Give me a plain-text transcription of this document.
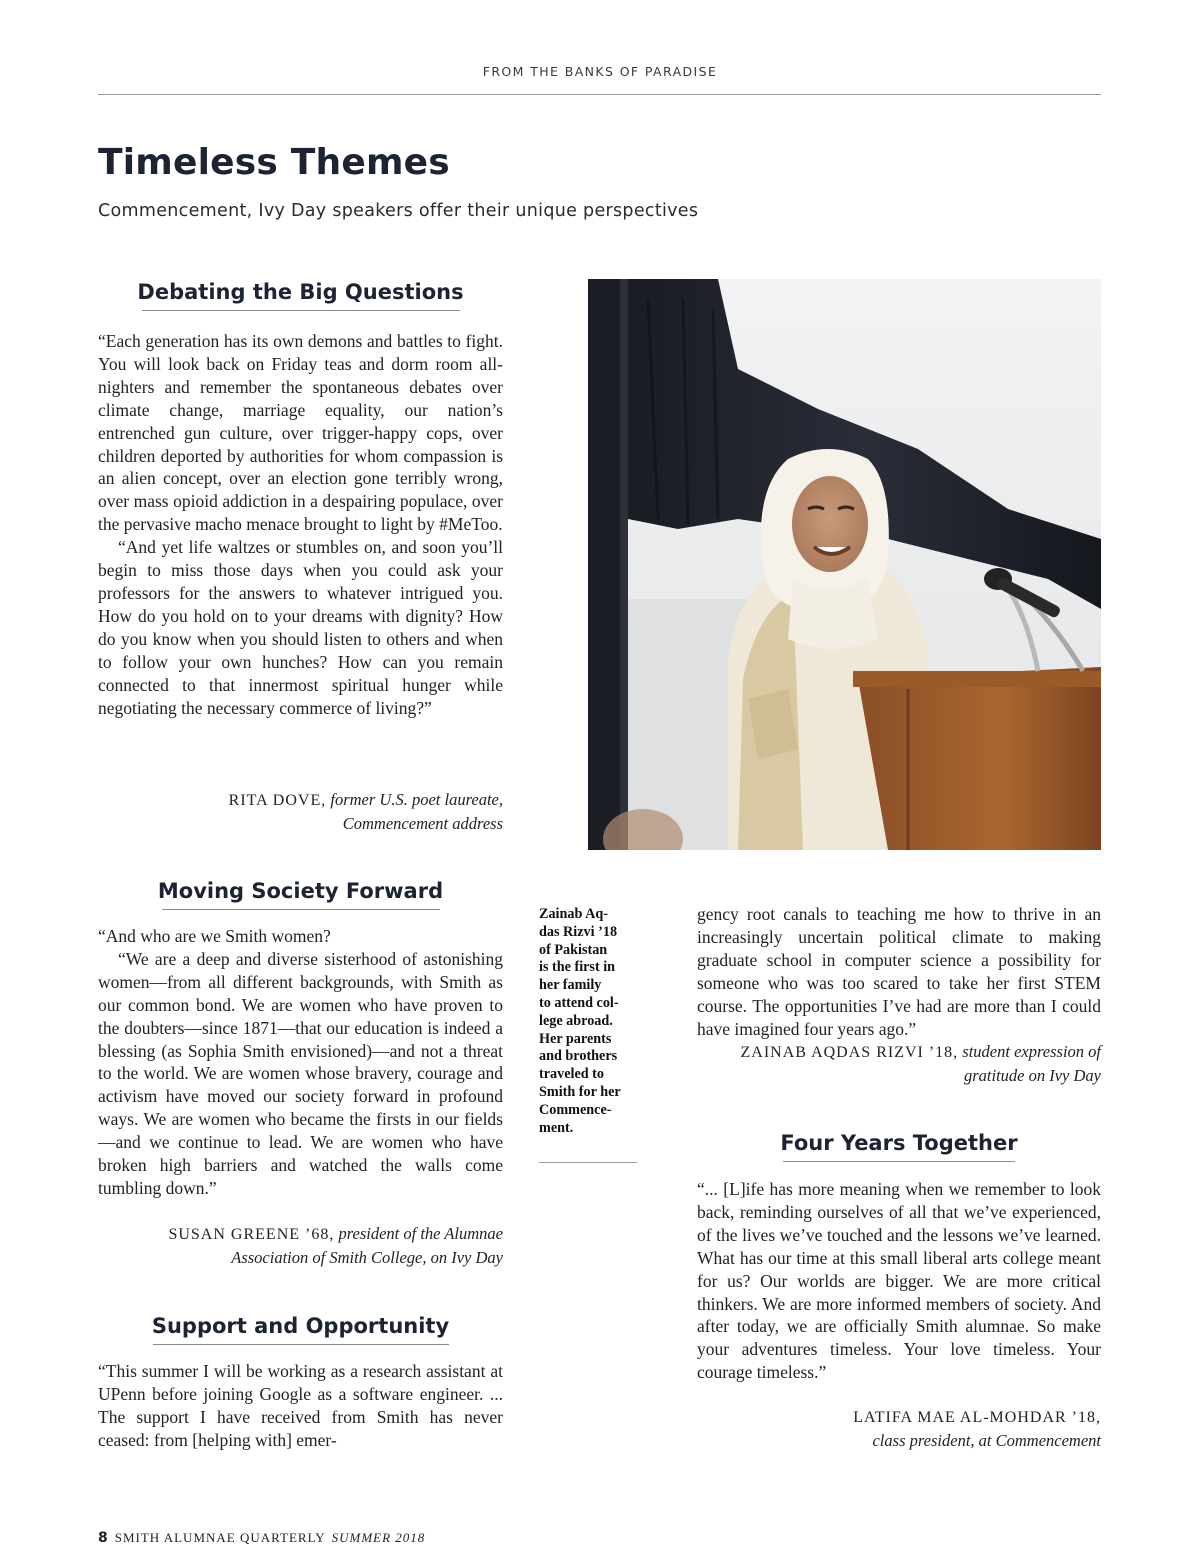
FROM THE BANKS OF PARADISE
Timeless Themes
Commencement, Ivy Day speakers offer their unique perspectives
Debating the Big Questions

“Each generation has its own demons and battles to fight. You will look back on Friday teas and dorm room all-nighters and remember the spontaneous debates over climate change, marriage equality, our nation’s entrenched gun culture, over trigger-happy cops, over children deported by authorities for whom compassion is an alien concept, over an election gone terribly wrong, over mass opioid addiction in a despairing populace, over the pervasive macho menace brought to light by #MeToo.

“And yet life waltzes or stumbles on, and soon you’ll begin to miss those days when you could ask your professors for the answers to whatever intrigued you. How do you hold on to your dreams with dignity? How do you know when you should listen to others and when to follow your own hunches? How can you remain connected to that innermost spiritual hunger while negotiating the necessary commerce of living?”

RITA DOVE, former U.S. poet laureate,
Commencement address
Moving Society Forward

“And who are we Smith women?

“We are a deep and diverse sisterhood of astonishing women—from all different backgrounds, with Smith as our common bond. We are women who have proven to the doubters—since 1871—that our education is indeed a blessing (as Sophia Smith envisioned)—and not a threat to the world. We are women whose bravery, courage and activism have moved our society forward in profound ways. We are women who became the firsts in our fields—and we continue to lead. We are women who have broken high barriers and watched the walls come tumbling down.”

SUSAN GREENE ’68, president of the Alumnae
Association of Smith College, on Ivy Day
Support and Opportunity

“This summer I will be working as a research assistant at UPenn before joining Google as a software engineer. ... The support I have received from Smith has never ceased: from [helping with] emer-

Zainab Aq-
das Rizvi ’18
of Pakistan
is the first in
her family
to attend col-
lege abroad.
Her parents
and brothers
traveled to
Smith for her
Commence-
ment.

gency root canals to teaching me how to thrive in an increasingly uncertain political climate to making graduate school in computer science a possibility for someone who was too scared to take her first STEM course. The opportunities I’ve had are more than I could have imagined four years ago.”

ZAINAB AQDAS RIZVI ’18, student expression of
gratitude on Ivy Day
Four Years Together

“... [L]ife has more meaning when we remember to look back, reminding ourselves of all that we’ve experienced, of the lives we’ve touched and the lessons we’ve learned. What has our time at this small liberal arts college meant for us? Our worlds are bigger. We are more critical thinkers. We are more informed members of society. And after today, we are officially Smith alumnae. So make your adventures timeless. Your love timeless. Your courage timeless.”

LATIFA MAE AL-MOHDAR ’18,
class president, at Commencement
8 SMITH ALUMNAE QUARTERLY SUMMER 2018
